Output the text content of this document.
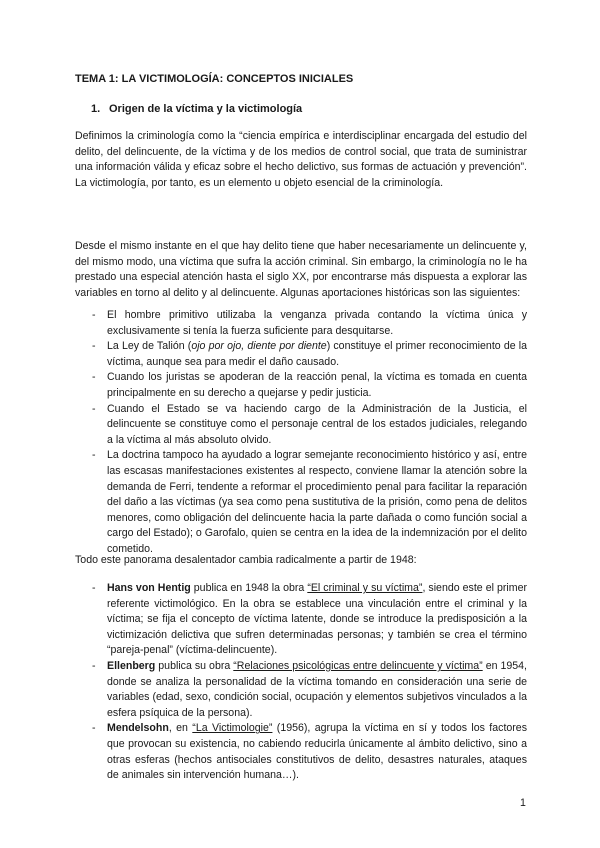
TEMA 1: LA VICTIMOLOGÍA: CONCEPTOS INICIALES
1. Origen de la víctima y la victimología

Definimos la criminología como la “ciencia empírica e interdisciplinar encargada del estudio del delito, del delincuente, de la víctima y de los medios de control social, que trata de suministrar una información válida y eficaz sobre el hecho delictivo, sus formas de actuación y prevención”. La victimología, por tanto, es un elemento u objeto esencial de la criminología.

Desde el mismo instante en el que hay delito tiene que haber necesariamente un delincuente y, del mismo modo, una víctima que sufra la acción criminal. Sin embargo, la criminología no le ha prestado una especial atención hasta el siglo XX, por encontrarse más dispuesta a explorar las variables en torno al delito y al delincuente. Algunas aportaciones históricas son las siguientes:

- El hombre primitivo utilizaba la venganza privada contando la víctima única y exclusivamente si tenía la fuerza suficiente para desquitarse.
- La Ley de Talión (ojo por ojo, diente por diente) constituye el primer reconocimiento de la víctima, aunque sea para medir el daño causado.
- Cuando los juristas se apoderan de la reacción penal, la víctima es tomada en cuenta principalmente en su derecho a quejarse y pedir justicia.
- Cuando el Estado se va haciendo cargo de la Administración de la Justicia, el delincuente se constituye como el personaje central de los estados judiciales, relegando a la víctima al más absoluto olvido.
- La doctrina tampoco ha ayudado a lograr semejante reconocimiento histórico y así, entre las escasas manifestaciones existentes al respecto, conviene llamar la atención sobre la demanda de Ferri, tendente a reformar el procedimiento penal para facilitar la reparación del daño a las víctimas (ya sea como pena sustitutiva de la prisión, como pena de delitos menores, como obligación del delincuente hacia la parte dañada o como función social a cargo del Estado); o Garofalo, quien se centra en la idea de la indemnización por el delito cometido.

Todo este panorama desalentador cambia radicalmente a partir de 1948:

- Hans von Hentig publica en 1948 la obra “El criminal y su víctima”, siendo este el primer referente victimológico. En la obra se establece una vinculación entre el criminal y la víctima; se fija el concepto de víctima latente, donde se introduce la predisposición a la victimización delictiva que sufren determinadas personas; y también se crea el término “pareja-penal” (víctima-delincuente).
- Ellenberg publica su obra “Relaciones psicológicas entre delincuente y víctima” en 1954, donde se analiza la personalidad de la víctima tomando en consideración una serie de variables (edad, sexo, condición social, ocupación y elementos subjetivos vinculados a la esfera psíquica de la persona).
- Mendelsohn, en “La Victimologie” (1956), agrupa la víctima en sí y todos los factores que provocan su existencia, no cabiendo reducirla únicamente al ámbito delictivo, sino a otras esferas (hechos antisociales constitutivos de delito, desastres naturales, ataques de animales sin intervención humana…).
1
